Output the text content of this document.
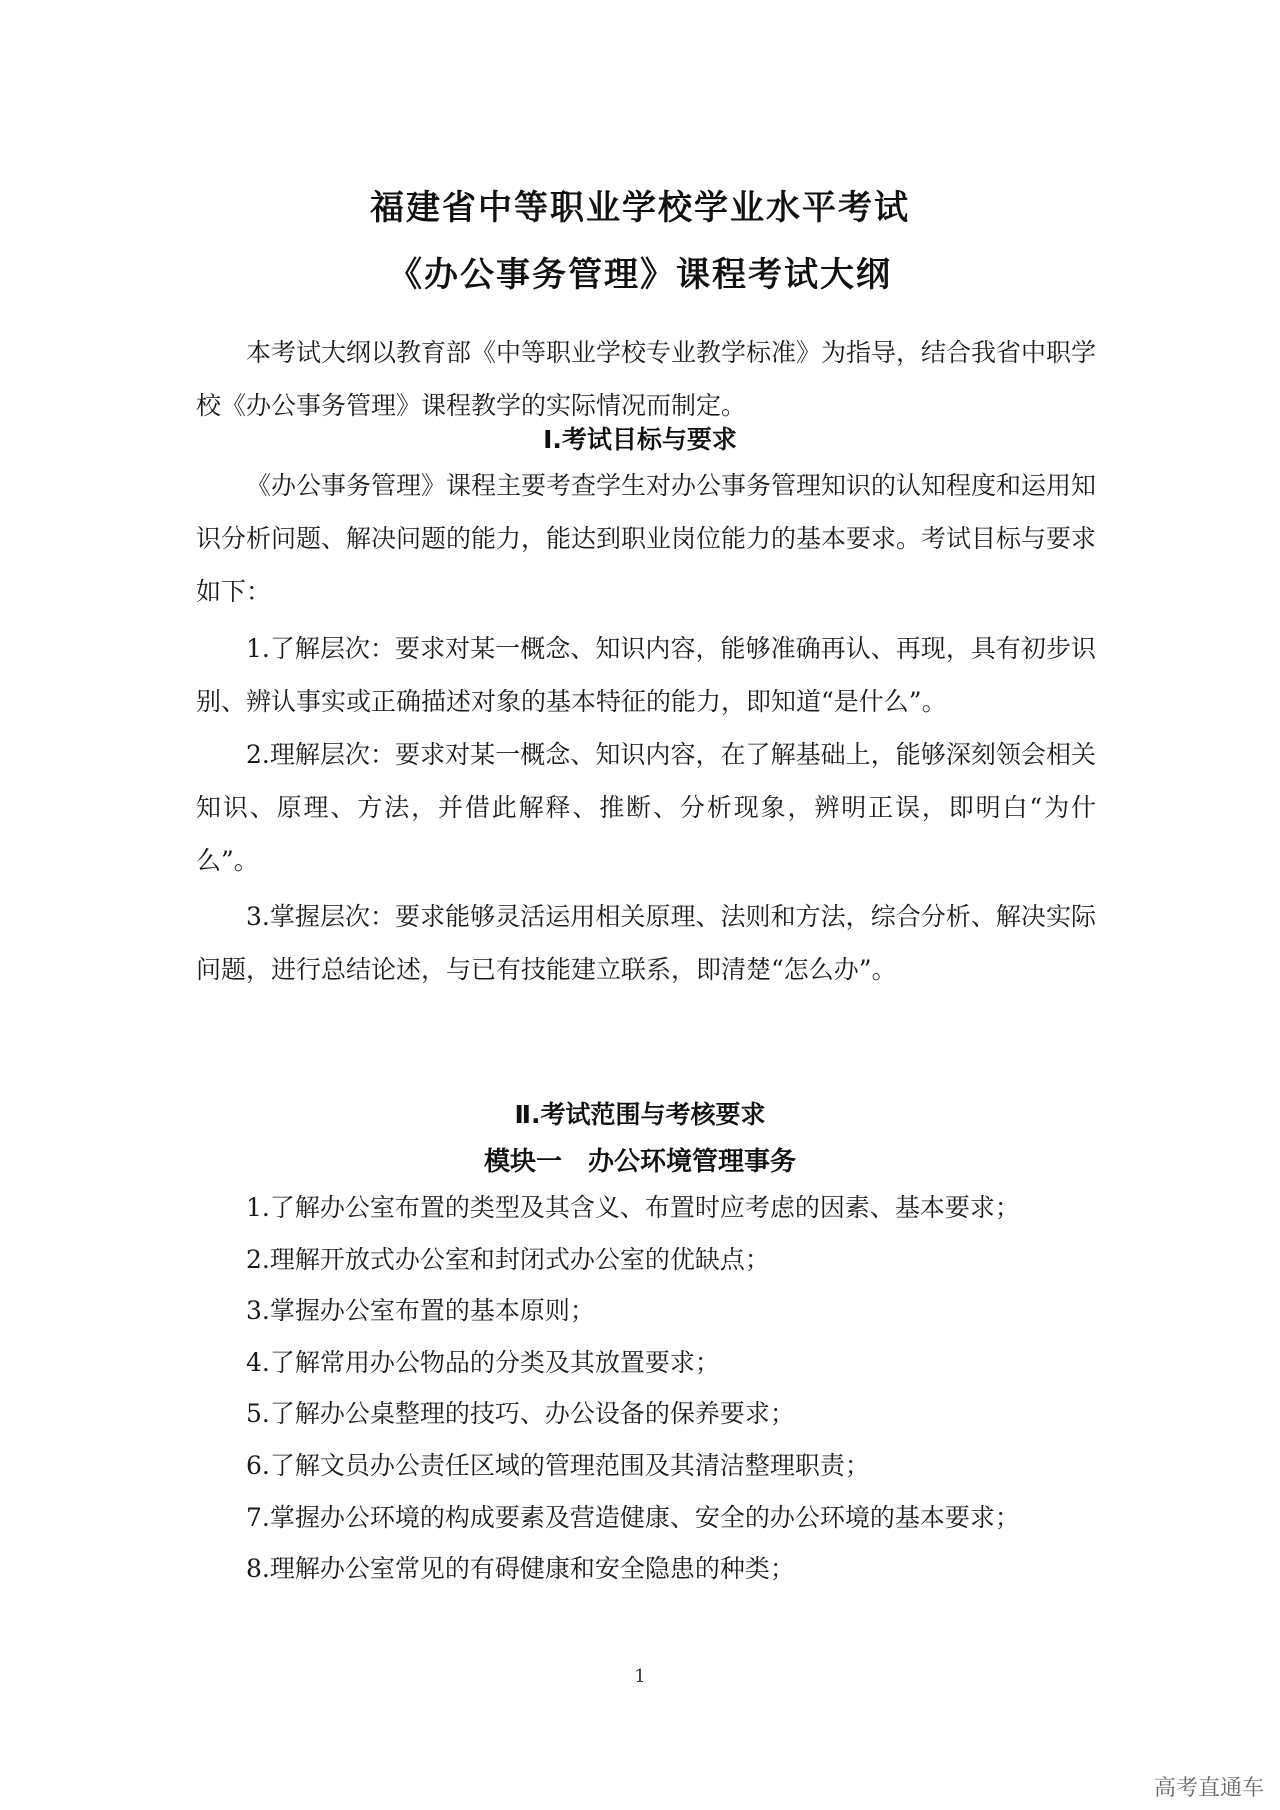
福建省中等职业学校学业水平考试
《办公事务管理》课程考试大纲

本考试大纲以教育部《中等职业学校专业教学标准》为指导，结合我省中职学校《办公事务管理》课程教学的实际情况而制定。

Ⅰ.考试目标与要求

《办公事务管理》课程主要考查学生对办公事务管理知识的认知程度和运用知识分析问题、解决问题的能力，能达到职业岗位能力的基本要求。考试目标与要求如下：

1.了解层次：要求对某一概念、知识内容，能够准确再认、再现，具有初步识别、辨认事实或正确描述对象的基本特征的能力，即知道“是什么”。

2.理解层次：要求对某一概念、知识内容，在了解基础上，能够深刻领会相关知识、原理、方法，并借此解释、推断、分析现象，辨明正误，即明白“为什么”。

3.掌握层次：要求能够灵活运用相关原理、法则和方法，综合分析、解决实际问题，进行总结论述，与已有技能建立联系，即清楚“怎么办”。

Ⅱ.考试范围与考核要求
模块一　办公环境管理事务
1.了解办公室布置的类型及其含义、布置时应考虑的因素、基本要求；
2.理解开放式办公室和封闭式办公室的优缺点；
3.掌握办公室布置的基本原则；
4.了解常用办公物品的分类及其放置要求；
5.了解办公桌整理的技巧、办公设备的保养要求；
6.了解文员办公责任区域的管理范围及其清洁整理职责；
7.掌握办公环境的构成要素及营造健康、安全的办公环境的基本要求；
8.理解办公室常见的有碍健康和安全隐患的种类；
1
高考直通车
